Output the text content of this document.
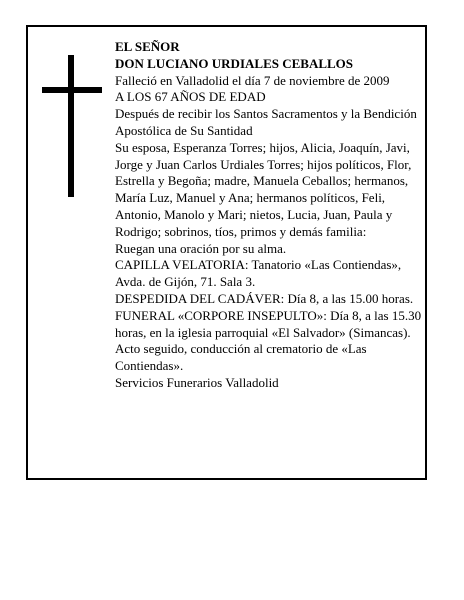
EL SEÑOR

DON LUCIANO URDIALES CEBALLOS

Falleció en Valladolid el día 7 de noviembre de 2009

A LOS 67 AÑOS DE EDAD

Después de recibir los Santos Sacramentos y la Bendición Apostólica de Su Santidad

Su esposa, Esperanza Torres; hijos, Alicia, Joaquín, Javi, Jorge y Juan Carlos Urdiales Torres; hijos políticos, Flor, Estrella y Begoña; madre, Manuela Ceballos; hermanos, María Luz, Manuel y Ana; hermanos políticos, Feli, Antonio, Manolo y Mari; nietos, Lucia, Juan, Paula y Rodrigo; sobrinos, tíos, primos y demás familia:

Ruegan una oración por su alma.

CAPILLA VELATORIA: Tanatorio «Las Contiendas», Avda. de Gijón, 71. Sala 3.

DESPEDIDA DEL CADÁVER: Día 8, a las 15.00 horas.

FUNERAL «CORPORE INSEPULTO»: Día 8, a las 15.30 horas, en la iglesia parroquial «El Salvador» (Simancas). Acto seguido, conducción al crematorio de «Las Contiendas».

Servicios Funerarios Valladolid
